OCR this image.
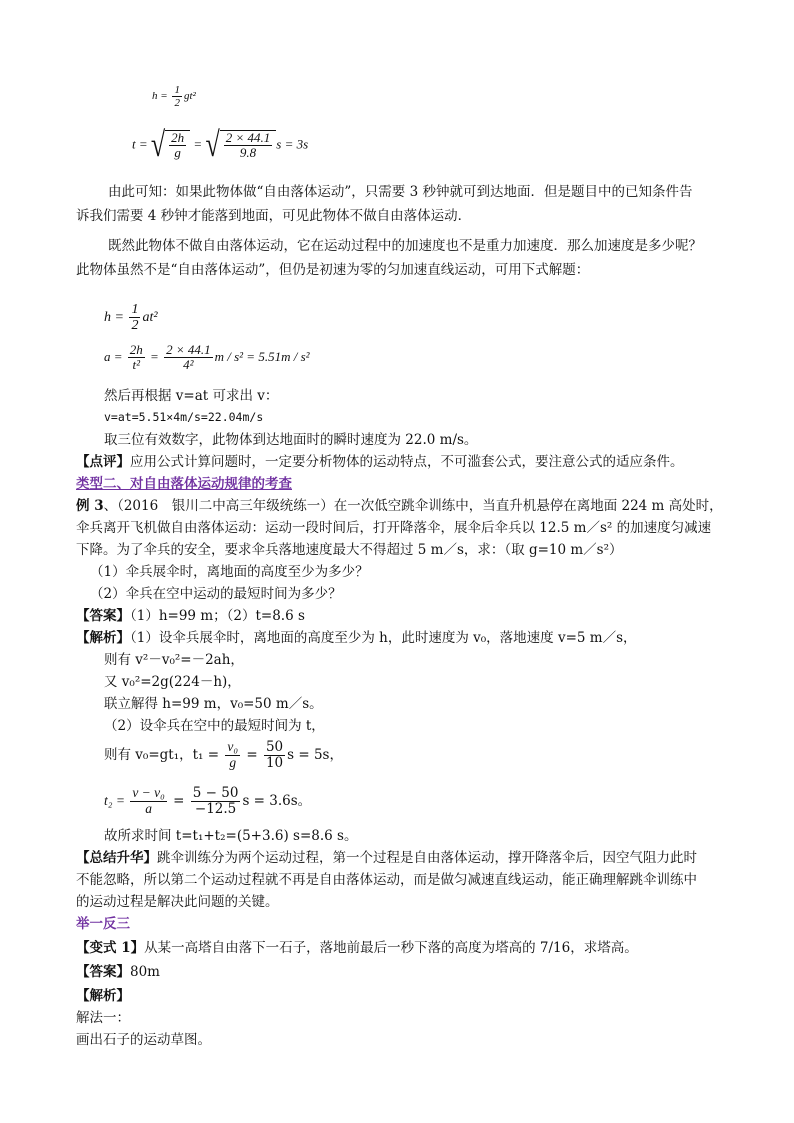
$h = \frac{1}{2} gt^2$
t = √ $\frac{2h}{g}$ = √ $\frac{2 \times 44.1}{9.8}$ s = 3s
由此可知：如果此物体做“自由落体运动”，只需要 3 秒钟就可到达地面．但是题目中的已知条件告
诉我们需要 4 秒钟才能落到地面，可见此物体不做自由落体运动．
既然此物体不做自由落体运动，它在运动过程中的加速度也不是重力加速度．那么加速度是多少呢？
此物体虽然不是“自由落体运动”，但仍是初速为零的匀加速直线运动，可用下式解题：
$h = \frac{1}{2} at^2$
$a = \frac{2h}{\text{t²}} = \frac{2 \times 44.1}{\text{4²}}$ m / s² = 5.51m / s²
然后再根据 v=at 可求出 v：
v=at=5.51×4m/s=22.04m/s
取三位有效数字，此物体到达地面时的瞬时速度为 22.0 m/s。
【点评】应用公式计算问题时，一定要分析物体的运动特点，不可滥套公式，要注意公式的适应条件。
类型二、对自由落体运动规律的考查
例 3、（2016　银川二中高三年级统练一）在一次低空跳伞训练中，当直升机悬停在离地面 224 m 高处时，
伞兵离开飞机做自由落体运动：运动一段时间后，打开降落伞，展伞后伞兵以 12.5 m／s² 的加速度匀减速
下降。为了伞兵的安全，要求伞兵落地速度最大不得超过 5 m／s，求：（取 g=10 m／s²）
（1）伞兵展伞时，离地面的高度至少为多少？
（2）伞兵在空中运动的最短时间为多少？
【答案】（1）h=99 m；（2）t=8.6 s
【解析】（1）设伞兵展伞时，离地面的高度至少为 h，此时速度为 v₀，落地速度 v=5 m／s，
则有 v²－v₀²=－2ah，
又 v₀²=2g(224－h)，
联立解得 h=99 m，v₀=50 m／s。
（2）设伞兵在空中的最短时间为 t，
则有 v₀=gt₁，$t_1 = \frac{\text{v₀}}{g} = \frac{50}{10}$ s = 5s，
$t_2 = \frac{\text{v − v₀}}{a} = \frac{5 - 50}{-12.5}$ s = 3.6s。
故所求时间 t=t₁+t₂=(5+3.6) s=8.6 s。
【总结升华】跳伞训练分为两个运动过程，第一个过程是自由落体运动，撑开降落伞后，因空气阻力此时
不能忽略，所以第二个运动过程就不再是自由落体运动，而是做匀减速直线运动，能正确理解跳伞训练中
的运动过程是解决此问题的关键。
举一反三
【变式 1】从某一高塔自由落下一石子，落地前最后一秒下落的高度为塔高的 7/16，求塔高。
【答案】80m
【解析】
解法一：
画出石子的运动草图。
